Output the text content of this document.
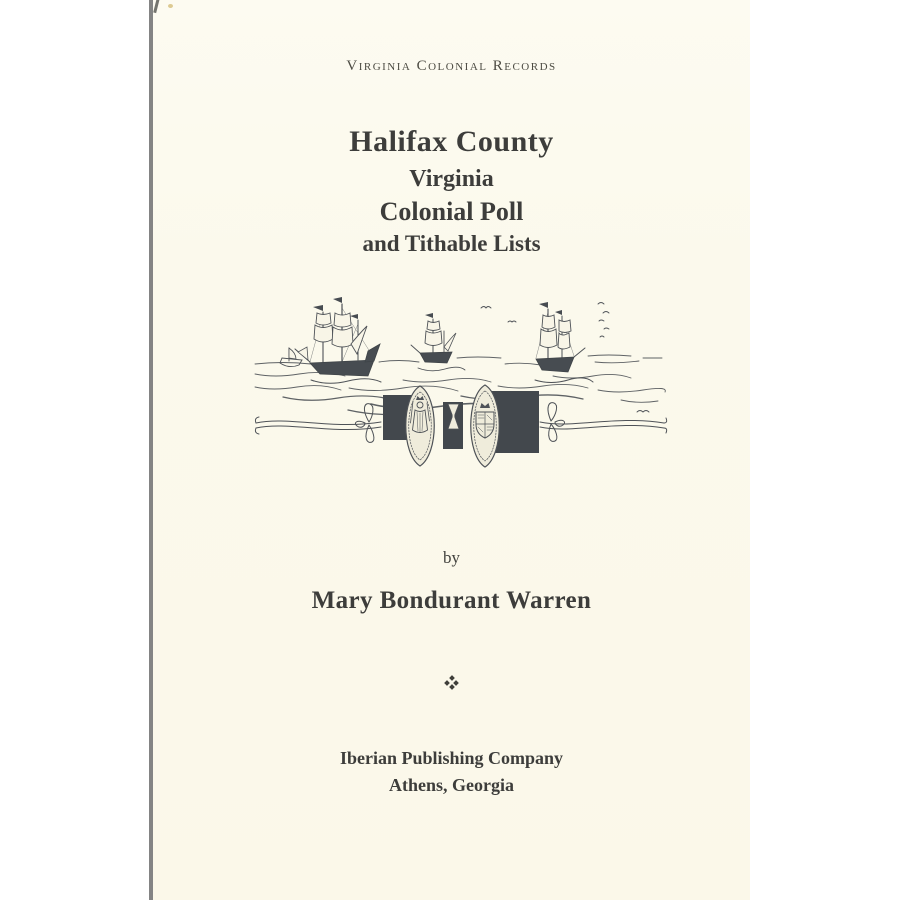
Virginia Colonial Records
Halifax County
Virginia
Colonial Poll
and Tithable Lists
by
Mary Bondurant Warren
Iberian Publishing Company
Athens, Georgia
